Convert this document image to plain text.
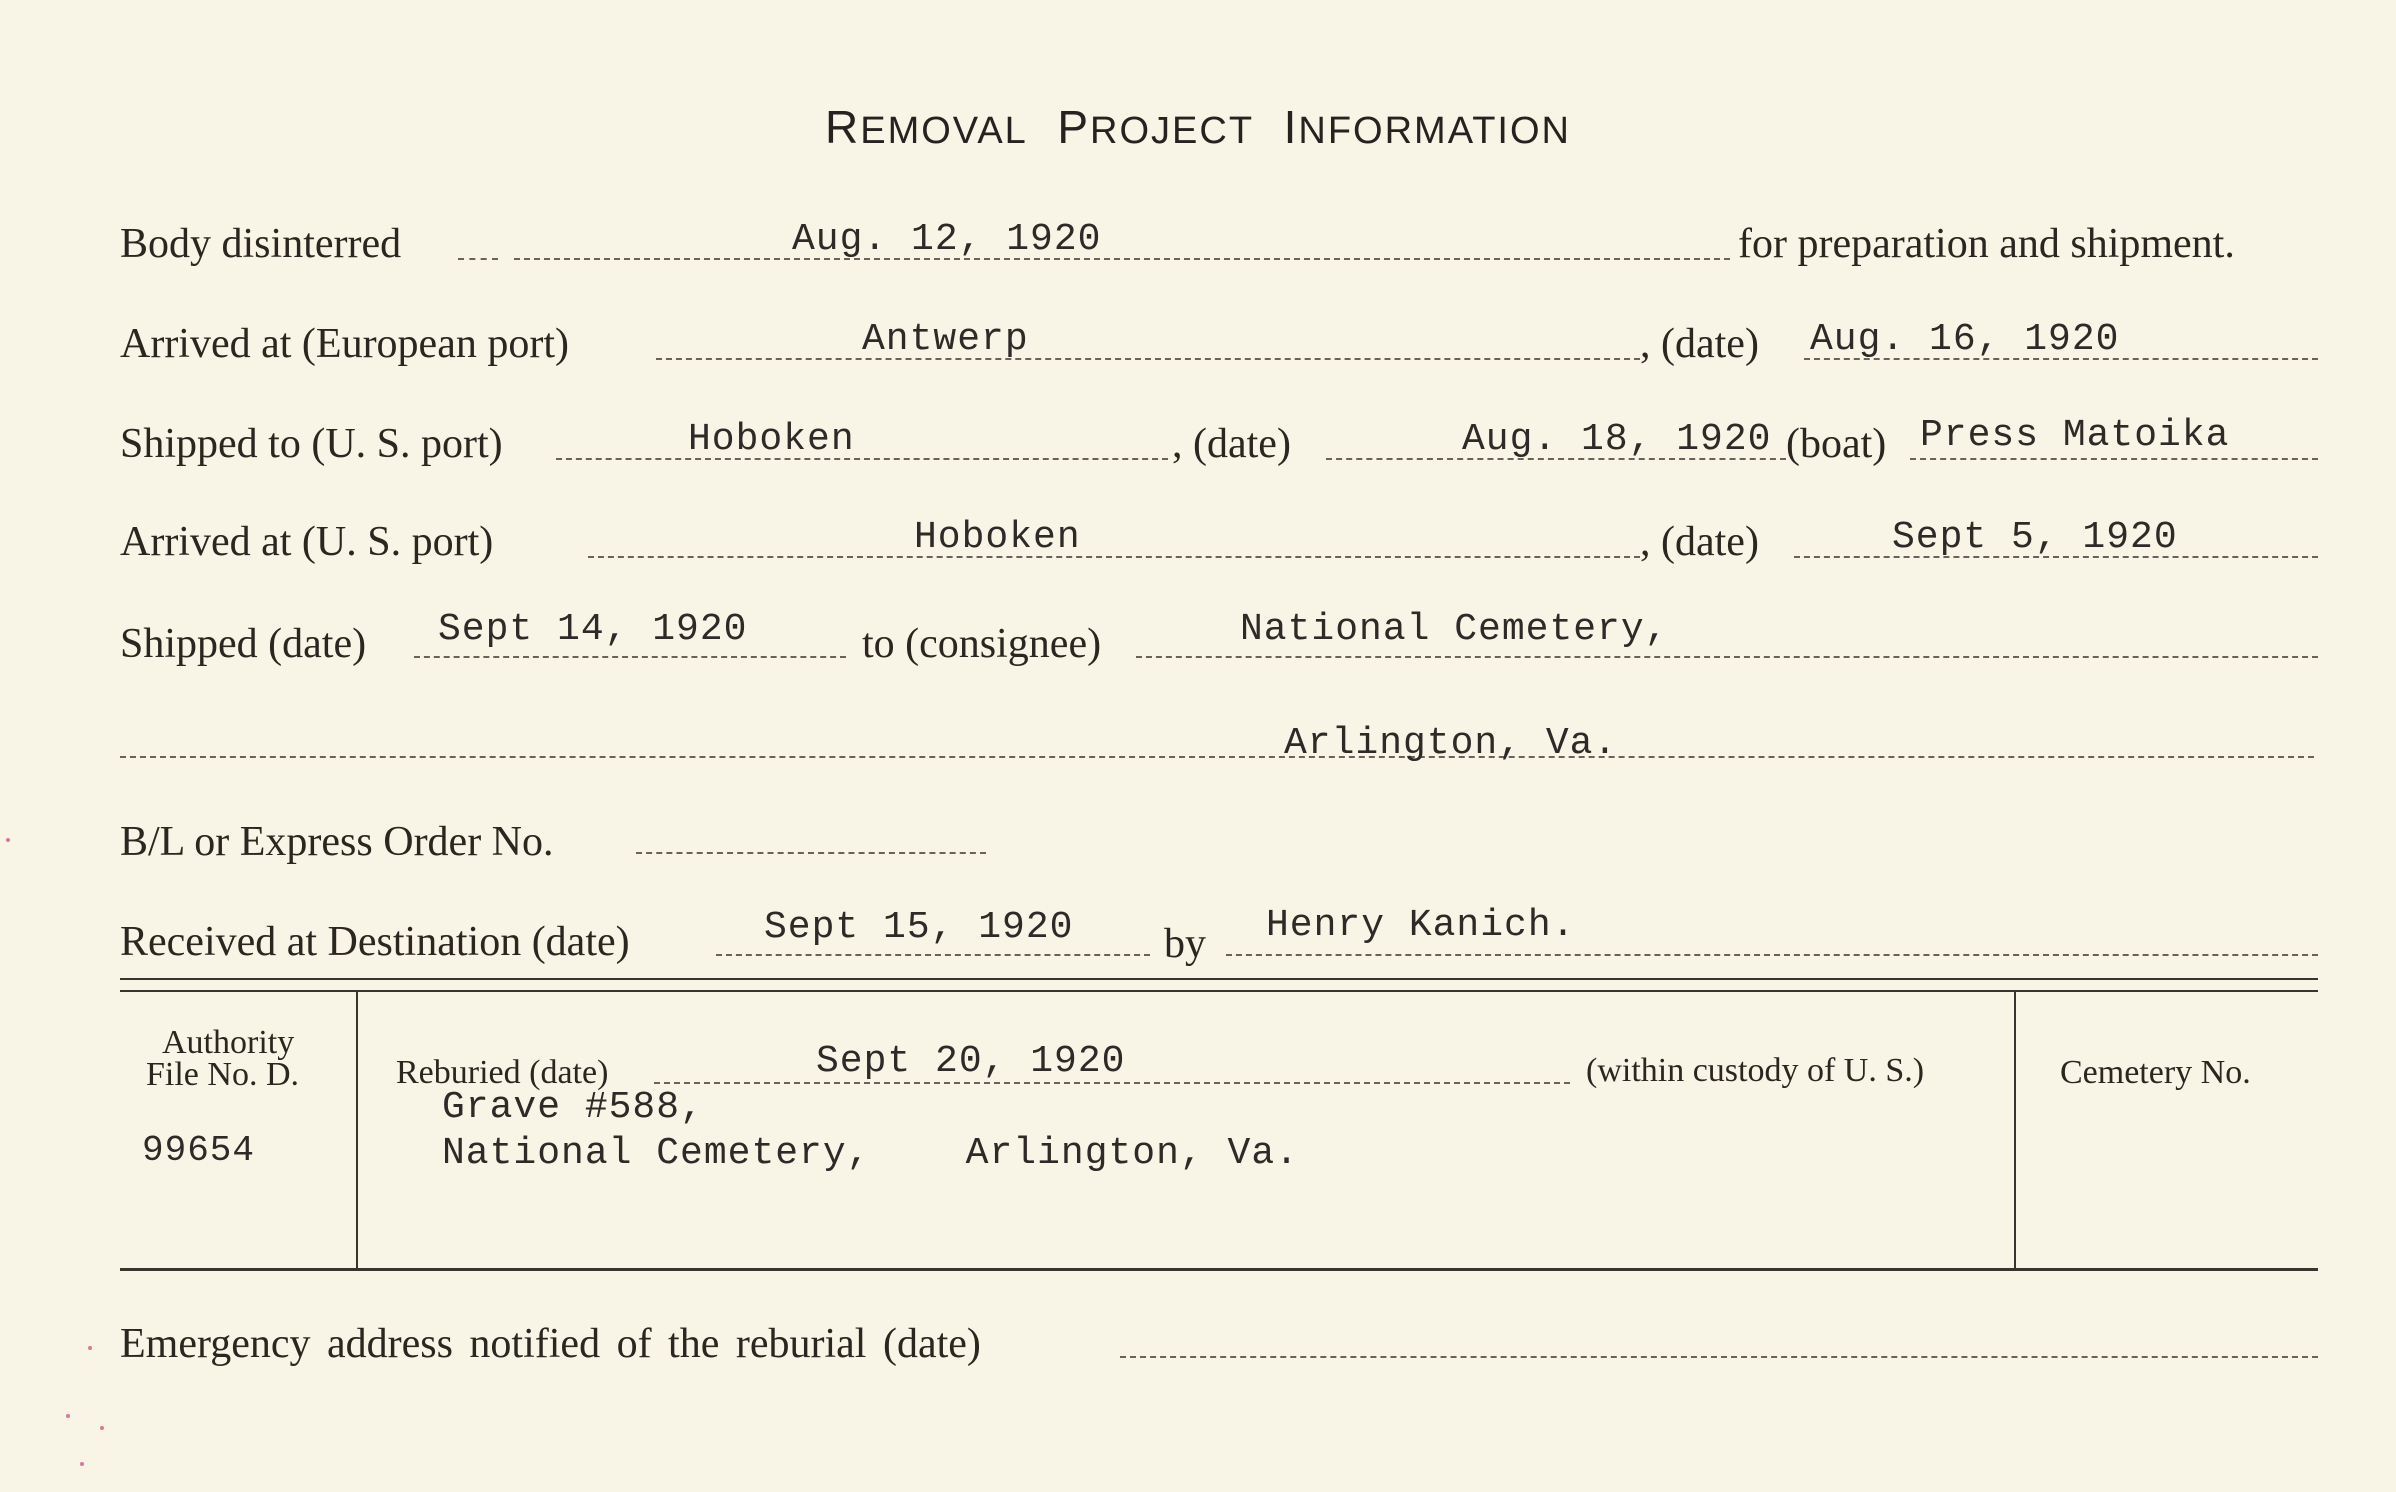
REMOVAL PROJECT INFORMATION
Body disinterred	Aug. 12, 1920	for preparation and shipment.
Arrived at (European port)	Antwerp	, (date) Aug. 16, 1920
Shipped to (U. S. port)	Hoboken	, (date)	Aug. 18, 1920 (boat) Press Matoika
Arrived at (U. S. port)	Hoboken	, (date)	Sept 5, 1920
Shipped (date) Sept 14, 1920	to (consignee)	National Cemetery,
Arlington, Va.
B/L or Express Order No.
Received at Destination (date)	Sept 15, 1920 by Henry Kanich.
Authority
File No. D.
99654
Reburied (date)	Sept 20, 1920	(within custody of U. S.)
Grave #588,
National Cemetery,    Arlington, Va.
Cemetery No.
Emergency address notified of the reburial (date)
